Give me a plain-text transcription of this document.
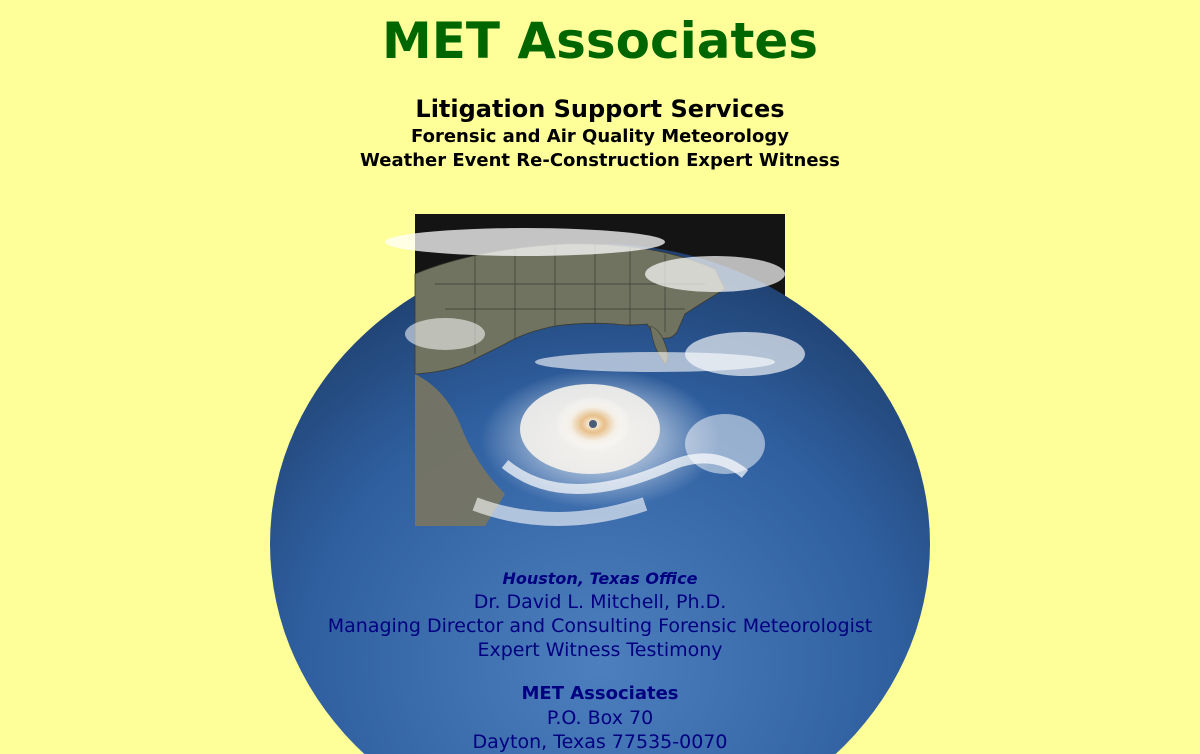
MET Associates
Litigation Support Services
Forensic and Air Quality Meteorology
Weather Event Re-Construction Expert Witness
Houston, Texas Office
Dr. David L. Mitchell, Ph.D.
Managing Director and Consulting Forensic Meteorologist
Expert Witness Testimony
MET Associates
P.O. Box 70
Dayton, Texas 77535-0070
